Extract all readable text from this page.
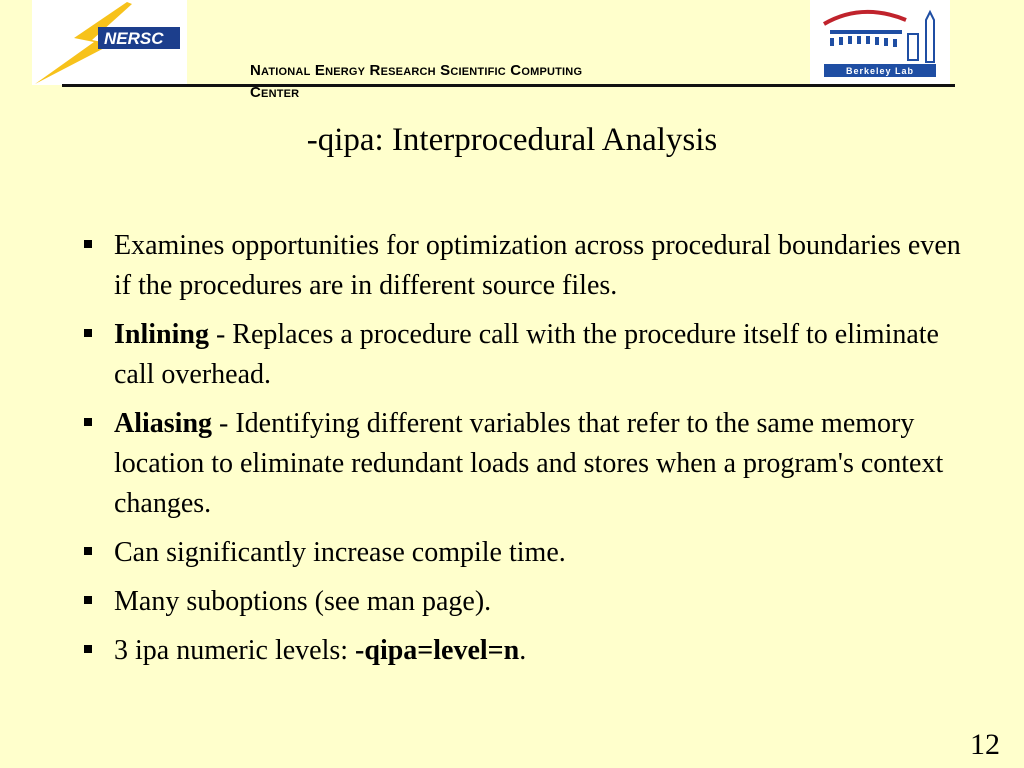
NERSC
Berkeley Lab
National Energy Research Scientific Computing
Center
-qipa: Interprocedural Analysis
Examines opportunities for optimization across procedural boundaries even if the procedures are in different source files.
Inlining - Replaces a procedure call with the procedure itself to eliminate call overhead.
Aliasing - Identifying different variables that refer to the same memory location to eliminate redundant loads and stores when a program's context changes.
Can significantly increase compile time.
Many suboptions (see man page).
3 ipa numeric levels: -qipa=level=n.
12
